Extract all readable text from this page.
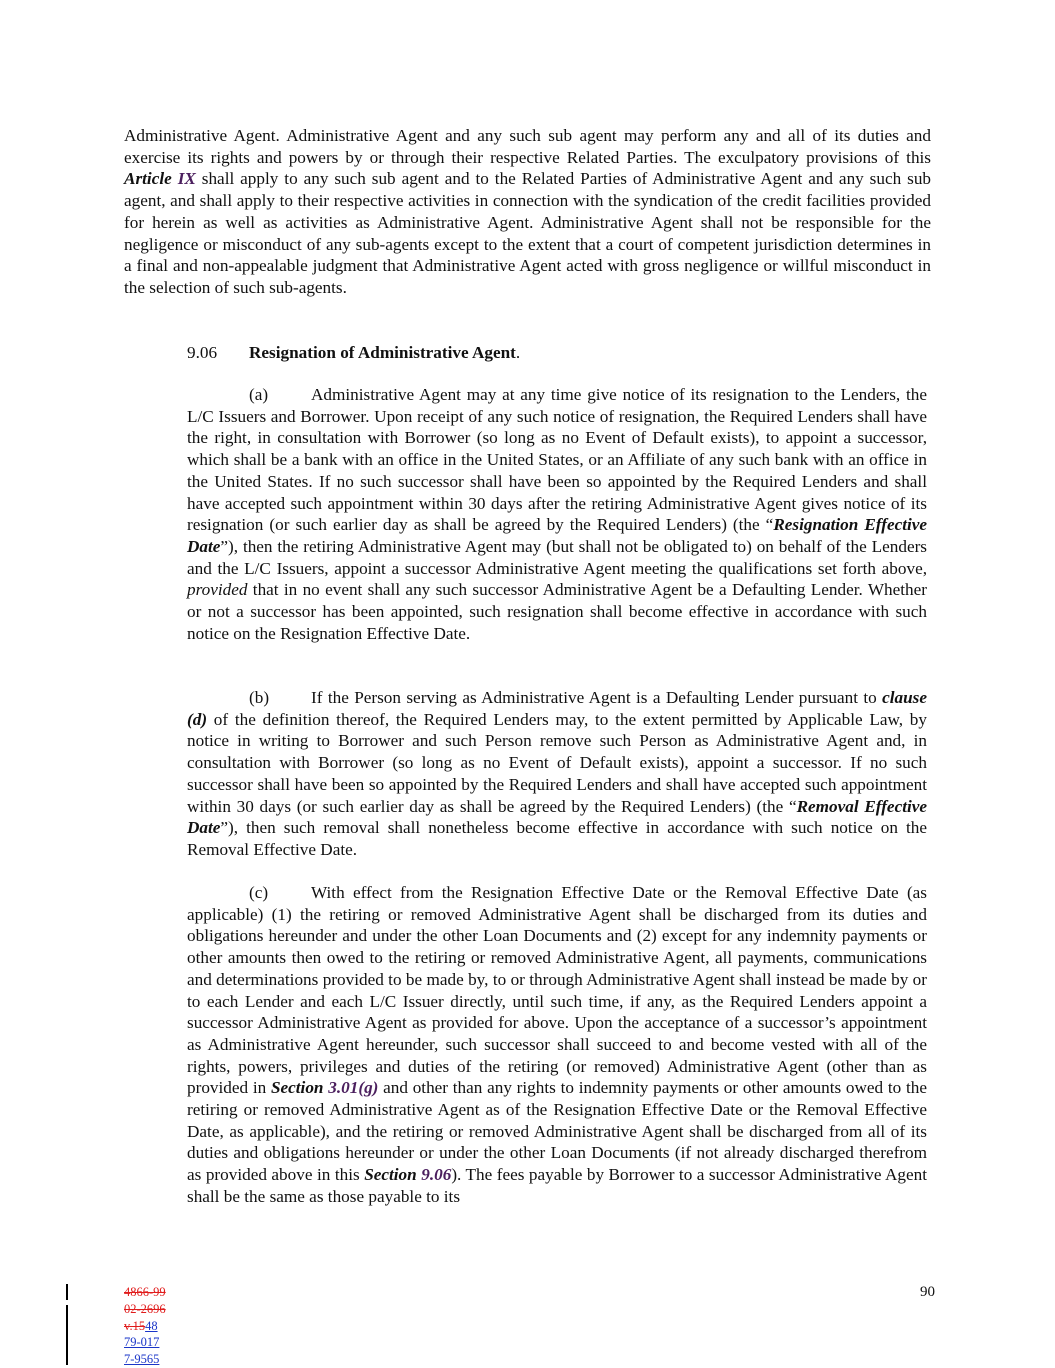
Administrative Agent. Administrative Agent and any such sub agent may perform any and all of its duties and exercise its rights and powers by or through their respective Related Parties. The exculpatory provisions of this Article IX shall apply to any such sub agent and to the Related Parties of Administrative Agent and any such sub agent, and shall apply to their respective activities in connection with the syndication of the credit facilities provided for herein as well as activities as Administrative Agent. Administrative Agent shall not be responsible for the negligence or misconduct of any sub-agents except to the extent that a court of competent jurisdiction determines in a final and non-appealable judgment that Administrative Agent acted with gross negligence or willful misconduct in the selection of such sub-agents.

9.06 Resignation of Administrative Agent.

(a) Administrative Agent may at any time give notice of its resignation to the Lenders, the L/C Issuers and Borrower. Upon receipt of any such notice of resignation, the Required Lenders shall have the right, in consultation with Borrower (so long as no Event of Default exists), to appoint a successor, which shall be a bank with an office in the United States, or an Affiliate of any such bank with an office in the United States. If no such successor shall have been so appointed by the Required Lenders and shall have accepted such appointment within 30 days after the retiring Administrative Agent gives notice of its resignation (or such earlier day as shall be agreed by the Required Lenders) (the “Resignation Effective Date”), then the retiring Administrative Agent may (but shall not be obligated to) on behalf of the Lenders and the L/C Issuers, appoint a successor Administrative Agent meeting the qualifications set forth above, provided that in no event shall any such successor Administrative Agent be a Defaulting Lender. Whether or not a successor has been appointed, such resignation shall become effective in accordance with such notice on the Resignation Effective Date.

(b) If the Person serving as Administrative Agent is a Defaulting Lender pursuant to clause (d) of the definition thereof, the Required Lenders may, to the extent permitted by Applicable Law, by notice in writing to Borrower and such Person remove such Person as Administrative Agent and, in consultation with Borrower (so long as no Event of Default exists), appoint a successor. If no such successor shall have been so appointed by the Required Lenders and shall have accepted such appointment within 30 days (or such earlier day as shall be agreed by the Required Lenders) (the “Removal Effective Date”), then such removal shall nonetheless become effective in accordance with such notice on the Removal Effective Date.

(c) With effect from the Resignation Effective Date or the Removal Effective Date (as applicable) (1) the retiring or removed Administrative Agent shall be discharged from its duties and obligations hereunder and under the other Loan Documents and (2) except for any indemnity payments or other amounts then owed to the retiring or removed Administrative Agent, all payments, communications and determinations provided to be made by, to or through Administrative Agent shall instead be made by or to each Lender and each L/C Issuer directly, until such time, if any, as the Required Lenders appoint a successor Administrative Agent as provided for above. Upon the acceptance of a successor’s appointment as Administrative Agent hereunder, such successor shall succeed to and become vested with all of the rights, powers, privileges and duties of the retiring (or removed) Administrative Agent (other than as provided in Section 3.01(g) and other than any rights to indemnity payments or other amounts owed to the retiring or removed Administrative Agent as of the Resignation Effective Date or the Removal Effective Date, as applicable), and the retiring or removed Administrative Agent shall be discharged from all of its duties and obligations hereunder or under the other Loan Documents (if not already discharged therefrom as provided above in this Section 9.06). The fees payable by Borrower to a successor Administrative Agent shall be the same as those payable to its

4866-99
02-2696
v.1548
79-017
7-9565
90
